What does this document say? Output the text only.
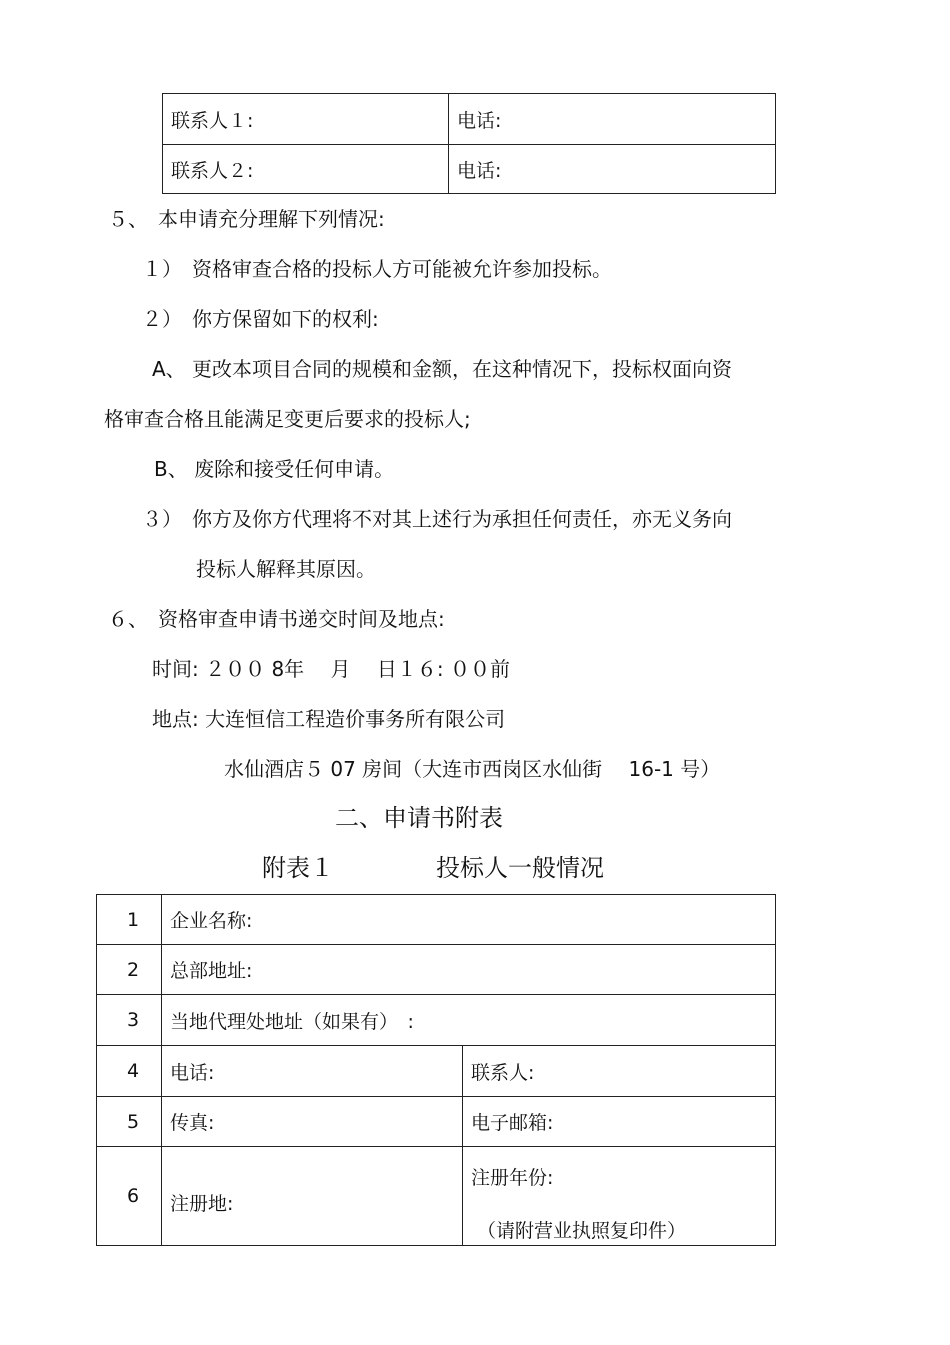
联系人１:	电话:
联系人２:	电话:
５、　本申请充分理解下列情况:
１）　资格审查合格的投标人方可能被允许参加投标。
２）　你方保留如下的权利:
A、 更改本项目合同的规模和金额，在这种情况下，投标权面向资
格审查合格且能满足变更后要求的投标人;
B、 废除和接受任何申请。
３）　你方及你方代理将不对其上述行为承担任何责任，亦无义务向
投标人解释其原因。
６、　资格审查申请书递交时间及地点:
时间: ２００ 8年　 月　 日１６: ００前
地点: 大连恒信工程造价事务所有限公司
水仙酒店５ 07 房间（大连市西岗区水仙街　 16-1 号）
二、申请书附表
附表１	投标人一般情况
1	企业名称:	
2	总部地址:	
3	当地代理处地址（如果有）　:	
4	电话:	联系人:
5	传真:	电子邮箱:
6	注册地:	注册年份:
（请附营业执照复印件）
